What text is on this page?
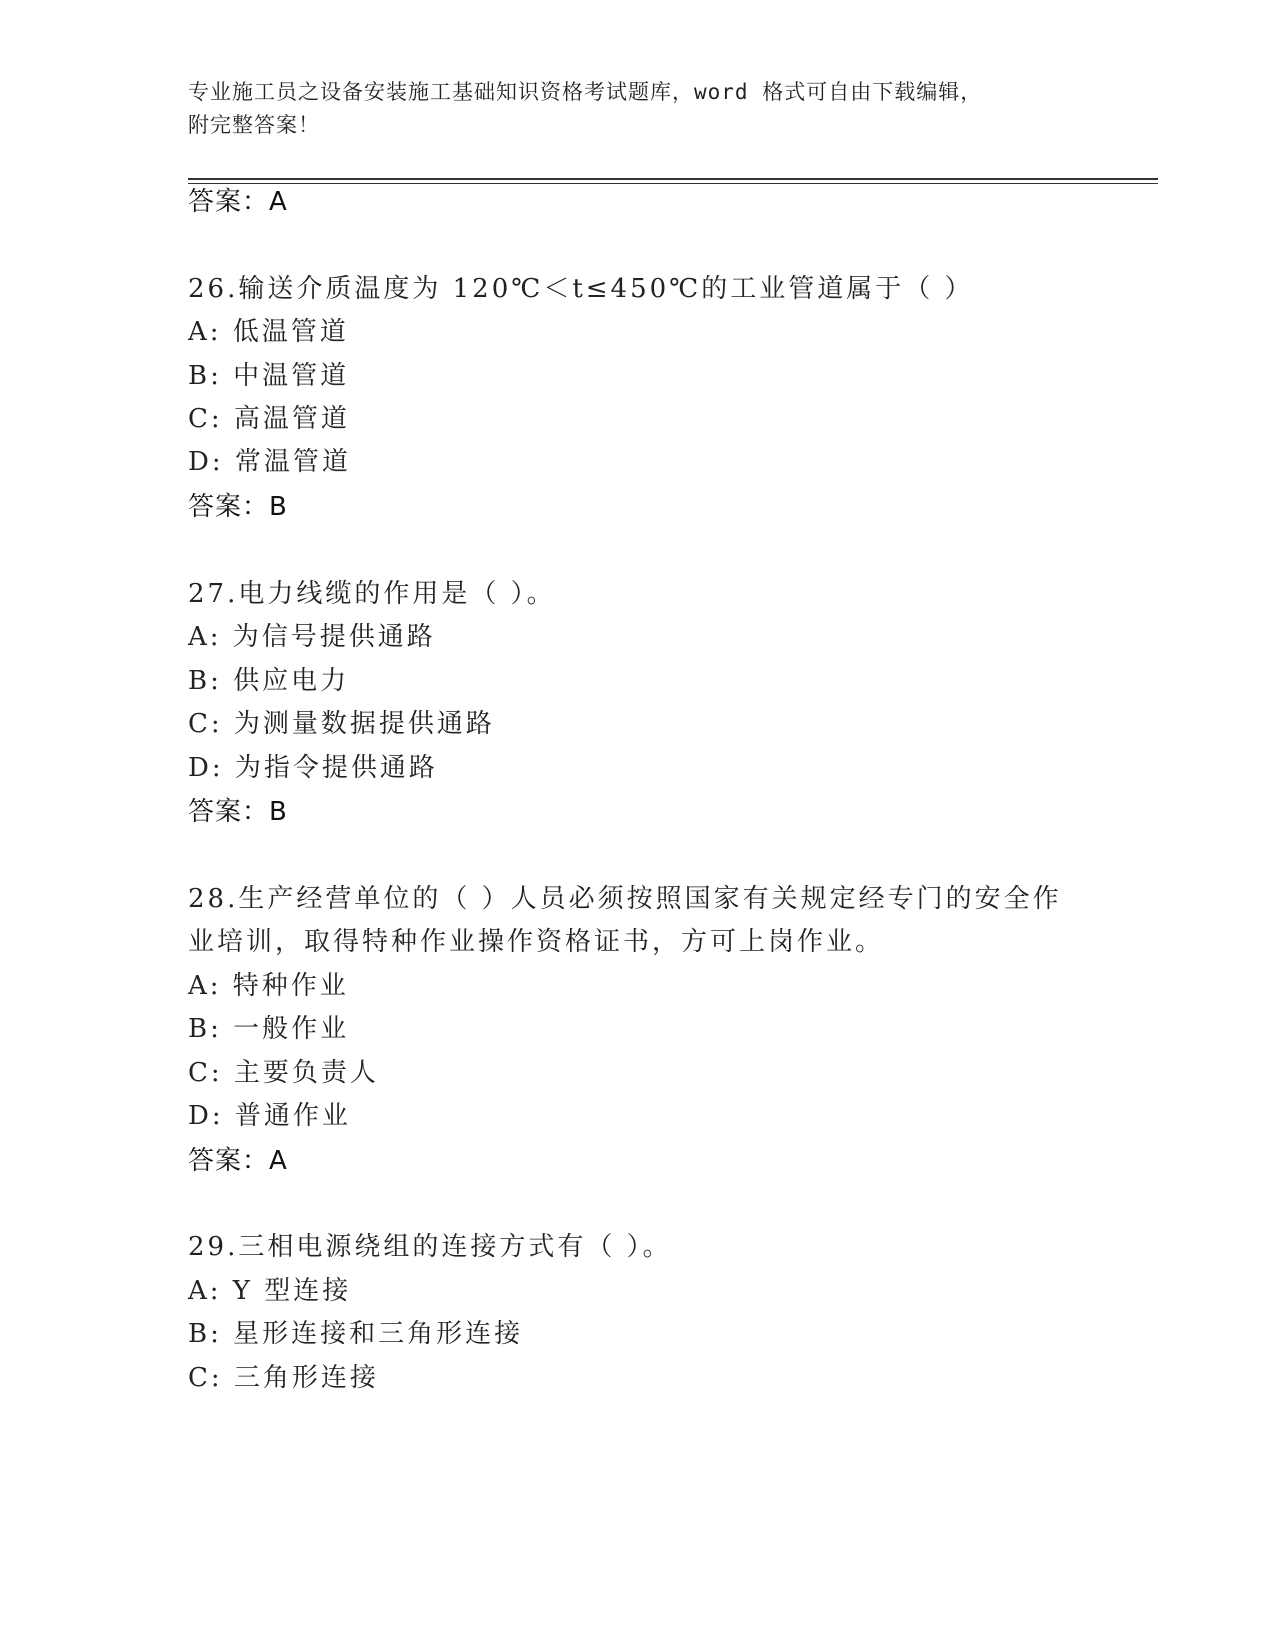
专业施工员之设备安装施工基础知识资格考试题库，word 格式可自由下载编辑，
附完整答案！
答案：A
26.输送介质温度为 120℃＜t≤450℃的工业管道属于（ ）
A: 低温管道
B: 中温管道
C: 高温管道
D: 常温管道
答案：B
27.电力线缆的作用是（ ）。
A: 为信号提供通路
B: 供应电力
C: 为测量数据提供通路
D: 为指令提供通路
答案：B
28.生产经营单位的（ ）人员必须按照国家有关规定经专门的安全作
业培训，取得特种作业操作资格证书，方可上岗作业。
A: 特种作业
B: 一般作业
C: 主要负责人
D: 普通作业
答案：A
29.三相电源绕组的连接方式有（ ）。
A: Y 型连接
B: 星形连接和三角形连接
C: 三角形连接
